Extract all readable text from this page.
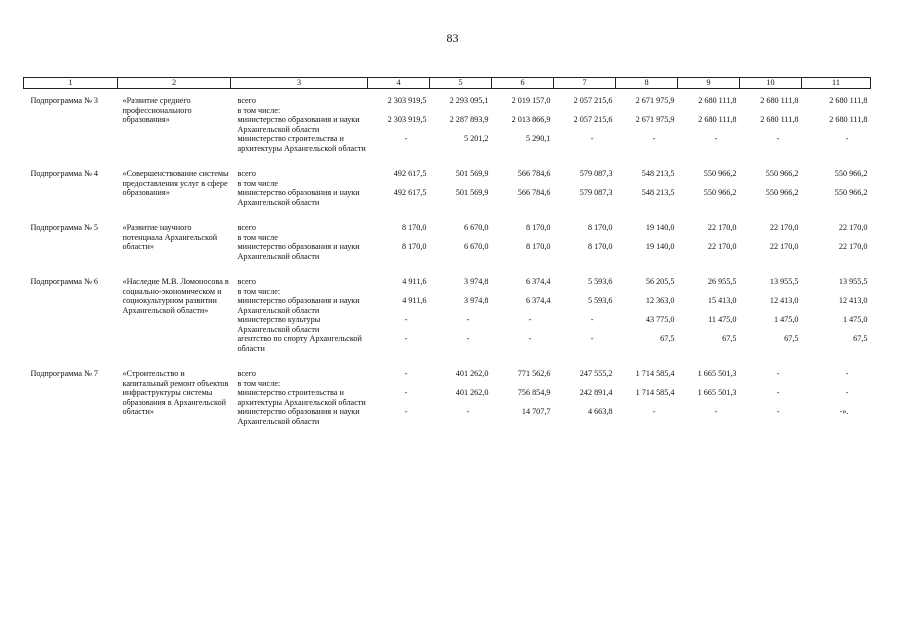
83
1	2	3	4	5	6	7	8	9	10	11
Подпрограмма № 3	«Развитие среднего профессионального образования»	всего	2 303 919,5	2 293 095,1	2 019 157,0	2 057 215,6	2 671 975,9	2 680 111,8	2 680 111,8	2 680 111,8
		в том числе:								
		министерство образования и науки Архангельской области	2 303 919,5	2 287 893,9	2 013 866,9	2 057 215,6	2 671 975,9	2 680 111,8	2 680 111,8	2 680 111,8
		министерство строительства и архитектуры Архангельской области	-	5 201,2	5 290,1	-	-	-	-	-

Подпрограмма № 4	«Совершенствование системы предоставления услуг в сфере образования»	всего	492 617,5	501 569,9	566 784,6	579 087,3	548 213,5	550 966,2	550 966,2	550 966,2
		в том числе								
		министерство образования и науки Архангельской области	492 617,5	501 569,9	566 784,6	579 087,3	548 213,5	550 966,2	550 966,2	550 966,2

Подпрограмма № 5	«Развитие научного потенциала Архангельской области»	всего	8 170,0	6 670,0	8 170,0	8 170,0	19 140,0	22 170,0	22 170,0	22 170,0
		в том числе								
		министерство образования и науки Архангельской области	8 170,0	6 670,0	8 170,0	8 170,0	19 140,0	22 170,0	22 170,0	22 170,0

Подпрограмма № 6	«Наследие М.В. Ломоносова в социально-экономическом и социокультурном развитии Архангельской области»	всего	4 911,6	3 974,8	6 374,4	5 593,6	56 205,5	26 955,5	13 955,5	13 955,5
		в том числе:								
		министерство образования и науки Архангельской области	4 911,6	3 974,8	6 374,4	5 593,6	12 363,0	15 413,0	12 413,0	12 413,0
		министерство культуры Архангельской области	-	-	-	-	43 775,0	11 475,0	1 475,0	1 475,0
		агентство по спорту Архангельской области	-	-	-	-	67,5	67,5	67,5	67,5

Подпрограмма № 7	«Строительство и капитальный ремонт объектов инфраструктуры системы образования в Архангельской области»	всего	-	401 262,0	771 562,6	247 555,2	1 714 585,4	1 665 501,3	-	-
		в том числе:								
		министерство строительства и архитектуры Архангельской области	-	401 262,0	756 854,9	242 891,4	1 714 585,4	1 665 501,3	-	-
		министерство образования и науки Архангельской области	-	-	14 707,7	4 663,8	-	-	-	-».
